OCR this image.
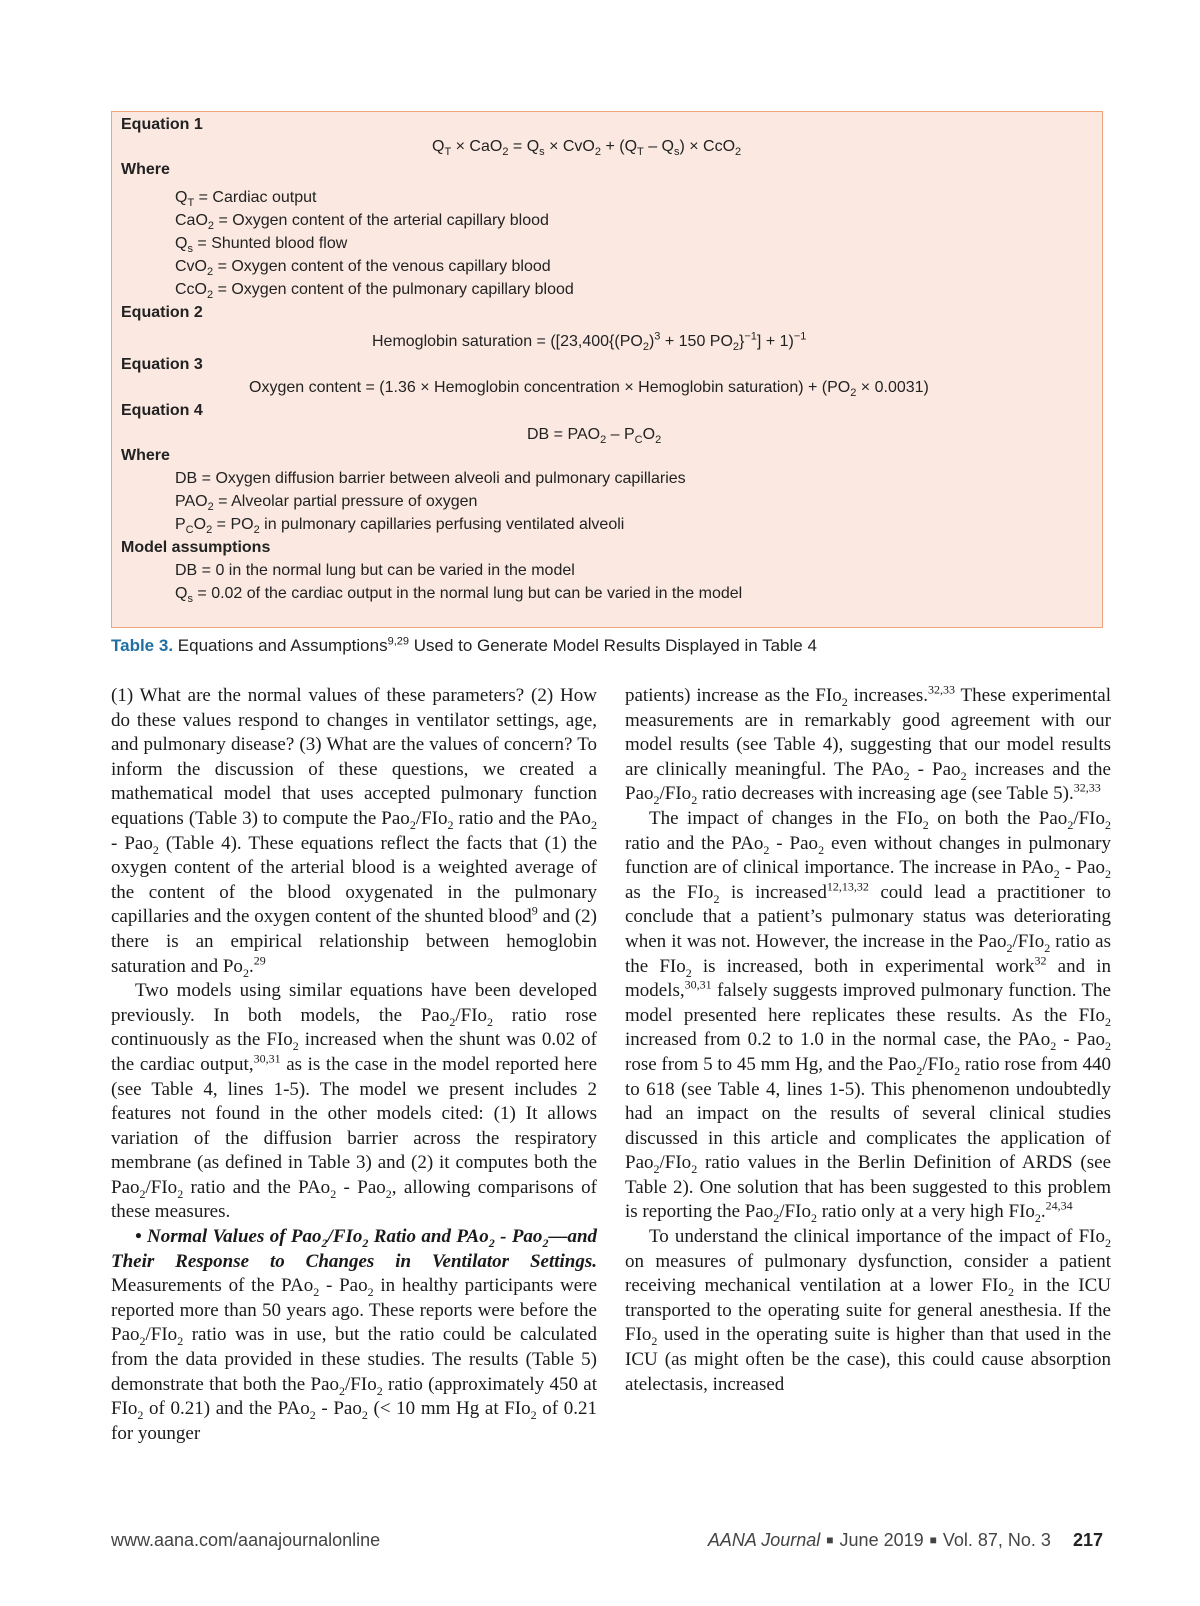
Equation 1
$Q_T \times CaO_2 = Q_s \times CvO_2 + (Q_T - Q_s) \times CcO_2$
Where
$Q_T$ = Cardiac output
CaO$_2$ = Oxygen content of the arterial capillary blood
$Q_s$ = Shunted blood flow
CvO$_2$ = Oxygen content of the venous capillary blood
CcO$_2$ = Oxygen content of the pulmonary capillary blood
Equation 2
Hemoglobin saturation = ([$23,400\{(PO_2)^3 + 150$ $PO_2\}^{-1}] + 1)^{-1}$
Equation 3
Oxygen content = (1.36 × Hemoglobin concentration × Hemoglobin saturation) + $(PO_2 \times 0.0031)$
Equation 4
DB = $PAO_2 - P_CO_2$
Where
DB = Oxygen diffusion barrier between alveoli and pulmonary capillaries
$PAO_2$ = Alveolar partial pressure of oxygen
$P_CO_2 = PO_2$ in pulmonary capillaries perfusing ventilated alveoli
Model assumptions
DB = 0 in the normal lung but can be varied in the model
$Q_s = 0.02$ of the cardiac output in the normal lung but can be varied in the model
Table 3. Equations and Assumptions$^{9,29}$ Used to Generate Model Results Displayed in Table 4

(1) What are the normal values of these parameters? (2) How do these values respond to changes in ventilator settings, age, and pulmonary disease? (3) What are the values of concern? To inform the discussion of these questions, we created a mathematical model that uses accepted pulmonary function equations (Table 3) to compute the Pao$_2$/FIo$_2$ ratio and the PAo$_2$ - Pao$_2$ (Table 4). These equations reflect the facts that (1) the oxygen content of the arterial blood is a weighted average of the content of the blood oxygenated in the pulmonary capillaries and the oxygen content of the shunted blood$^9$ and (2) there is an empirical relationship between hemoglobin saturation and $Po_2.^{29}$

Two models using similar equations have been developed previously. In both models, the Pao$_2$/FIo$_2$ ratio rose continuously as the FIo$_2$ increased when the shunt was 0.02 of the cardiac output,$^{30,31}$ as is the case in the model reported here (see Table 4, lines 1-5). The model we present includes 2 features not found in the other models cited: (1) It allows variation of the diffusion barrier across the respiratory membrane (as defined in Table 3) and (2) it computes both the Pao$_2$/FIo$_2$ ratio and the PAo$_2$ - Pao$_2$, allowing comparisons of these measures.

• Normal Values of Pao$_2$/FIo$_2$ Ratio and PAo$_2$ - Pao$_2$—and Their Response to Changes in Ventilator Settings. Measurements of the PAo$_2$ - Pao$_2$ in healthy participants were reported more than 50 years ago. These reports were before the Pao$_2$/FIo$_2$ ratio was in use, but the ratio could be calculated from the data provided in these studies. The results (Table 5) demonstrate that both the Pao$_2$/FIo$_2$ ratio (approximately 450 at FIo$_2$ of 0.21) and the PAo$_2$ - Pao$_2$ (< 10 mm Hg at FIo$_2$ of 0.21 for younger

patients) increase as the FIo$_2$ increases.$^{32,33}$ These experimental measurements are in remarkably good agreement with our model results (see Table 4), suggesting that our model results are clinically meaningful. The PAo$_2$ - Pao$_2$ increases and the Pao$_2$/FIo$_2$ ratio decreases with increasing age (see Table 5).$^{32,33}$

The impact of changes in the FIo$_2$ on both the Pao$_2$/FIo$_2$ ratio and the PAo$_2$ - Pao$_2$ even without changes in pulmonary function are of clinical importance. The increase in PAo$_2$ - Pao$_2$ as the FIo$_2$ is increased$^{12,13,32}$ could lead a practitioner to conclude that a patient’s pulmonary status was deteriorating when it was not. However, the increase in the Pao$_2$/FIo$_2$ ratio as the FIo$_2$ is increased, both in experimental work$^{32}$ and in models,$^{30,31}$ falsely suggests improved pulmonary function. The model presented here replicates these results. As the FIo$_2$ increased from 0.2 to 1.0 in the normal case, the PAo$_2$ - Pao$_2$ rose from 5 to 45 mm Hg, and the Pao$_2$/FIo$_2$ ratio rose from 440 to 618 (see Table 4, lines 1-5). This phenomenon undoubtedly had an impact on the results of several clinical studies discussed in this article and complicates the application of Pao$_2$/FIo$_2$ ratio values in the Berlin Definition of ARDS (see Table 2). One solution that has been suggested to this problem is reporting the Pao$_2$/FIo$_2$ ratio only at a very high FIo$_2$.$^{24,34}$

To understand the clinical importance of the impact of FIo$_2$ on measures of pulmonary dysfunction, consider a patient receiving mechanical ventilation at a lower FIo$_2$ in the ICU transported to the operating suite for general anesthesia. If the FIo$_2$ used in the operating suite is higher than that used in the ICU (as might often be the case), this could cause absorption atelectasis, increased

www.aana.com/aanajournalonline	AANA Journal ■ June 2019 ■ Vol. 87, No. 3 217
